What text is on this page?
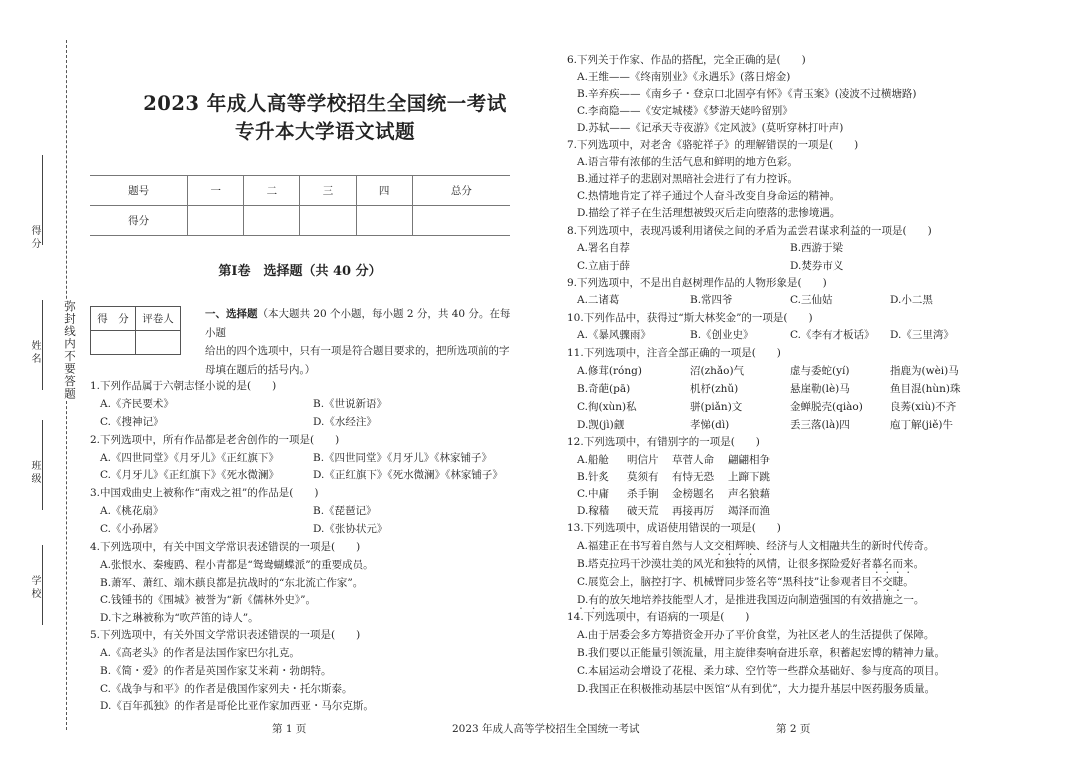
得 分
姓 名
班 级
学 校
弥封线内不要答题
2023 年成人高等学校招生全国统一考试
专升本大学语文试题
题号	一	二	三	四	总分
得分					
第Ⅰ卷　选择题（共 40 分）
得　分	评卷人
		一、选择题（本大题共 20 个小题，每小题 2 分，共 40 分。在每小题
给出的四个选项中，只有一项是符合题目要求的，把所选项前的字
母填在题后的括号内。）
1.下列作品属于六朝志怪小说的是(　　)
A.《齐民要术》	B.《世说新语》
C.《搜神记》	D.《水经注》
2.下列选项中，所有作品都是老舍创作的一项是(　　)
A.《四世同堂》《月牙儿》《正红旗下》	B.《四世同堂》《月牙儿》《林家铺子》
C.《月牙儿》《正红旗下》《死水微澜》	D.《正红旗下》《死水微澜》《林家铺子》
3.中国戏曲史上被称作“南戏之祖”的作品是(　　)
A.《桃花扇》	B.《琵琶记》
C.《小孙屠》	D.《张协状元》
4.下列选项中，有关中国文学常识表述错误的一项是(　　)
A.张恨水、秦瘦鸥、程小青都是“鸳鸯蝴蝶派”的重要成员。
B.萧军、萧红、端木蕻良都是抗战时的“东北流亡作家”。
C.钱锺书的《围城》被誉为“新《儒林外史》”。
D.卞之琳被称为“吹芦笛的诗人”。
5.下列选项中，有关外国文学常识表述错误的一项是(　　)
A.《高老头》的作者是法国作家巴尔扎克。
B.《简・爱》的作者是英国作家艾米莉・勃朗特。
C.《战争与和平》的作者是俄国作家列夫・托尔斯泰。
D.《百年孤独》的作者是哥伦比亚作家加西亚・马尔克斯。
6.下列关于作家、作品的搭配，完全正确的是(　　)
A.王维——《终南别业》《永遇乐》(落日熔金)
B.辛弃疾——《南乡子・登京口北固亭有怀》《青玉案》(凌波不过横塘路)
C.李商隐——《安定城楼》《梦游天姥吟留别》
D.苏轼——《记承天寺夜游》《定风波》(莫听穿林打叶声)
7.下列选项中，对老舍《骆驼祥子》的理解错误的一项是(　　)
A.语言带有浓郁的生活气息和鲜明的地方色彩。
B.通过祥子的悲剧对黑暗社会进行了有力控诉。
C.热情地肯定了祥子通过个人奋斗改变自身命运的精神。
D.描绘了祥子在生活理想被毁灭后走向堕落的悲惨境遇。
8.下列选项中，表现冯谖利用诸侯之间的矛盾为孟尝君谋求利益的一项是(　　)
A.署名自荐	B.西游于梁
C.立庙于薛	D.焚券市义
9.下列选项中，不是出自赵树理作品的人物形象是(　　)
A.二诸葛	B.常四爷	C.三仙姑	D.小二黑
10.下列作品中，获得过“斯大林奖金”的一项是(　　)
A.《暴风骤雨》	B.《创业史》	C.《李有才板话》 D.《三里湾》
11.下列选项中，注音全部正确的一项是(　　)
A.修茸(róng)	沼(zhǎo)气	虚与委蛇(yí)	指鹿为(wèi)马
B.奇葩(pā)	机杼(zhǔ)	悬崖勒(lè)马	鱼目混(hùn)珠
C.徇(xùn)私	骈(piǎn)文	金蝉脱壳(qiào)	良莠(xiù)不齐
D.觊(jì)觎	孝悌(dì)	丢三落(là)四	庖丁解(jiě)牛
12.下列选项中，有错别字的一项是(　　)
A.船舱 明信片 草菅人命 翩翩相争
B.针炙 莫须有 有恃无恐 上蹿下跳
C.中庸 杀手锏 金榜题名 声名狼藉
D.稼穑 破天荒 再接再厉 竭泽而渔
13.下列选项中，成语使用错误的一项是(　　)
A.福建正在书写着自然与人文交相辉映、经济与人文相融共生的新时代传奇。
B.塔克拉玛干沙漠壮美的风光和独特的风情，让很多探险爱好者慕名而来。
C.展览会上，脑控打字、机械臂同步签名等“黑科技”让参观者目不交睫。
D.有的放矢地培养技能型人才，是推进我国迈向制造强国的有效措施之一。
14.下列选项中，有语病的一项是(　　)
A.由于居委会多方筹措资金开办了平价食堂，为社区老人的生活提供了保障。
B.我们要以正能量引领流量，用主旋律奏响奋进乐章，积蓄起宏博的精神力量。
C.本届运动会增设了花棍、柔力球、空竹等一些群众基础好、参与度高的项目。
D.我国正在积极推动基层中医馆“从有到优”，大力提升基层中医药服务质量。
第 1 页	2023 年成人高等学校招生全国统一考试	第 2 页
